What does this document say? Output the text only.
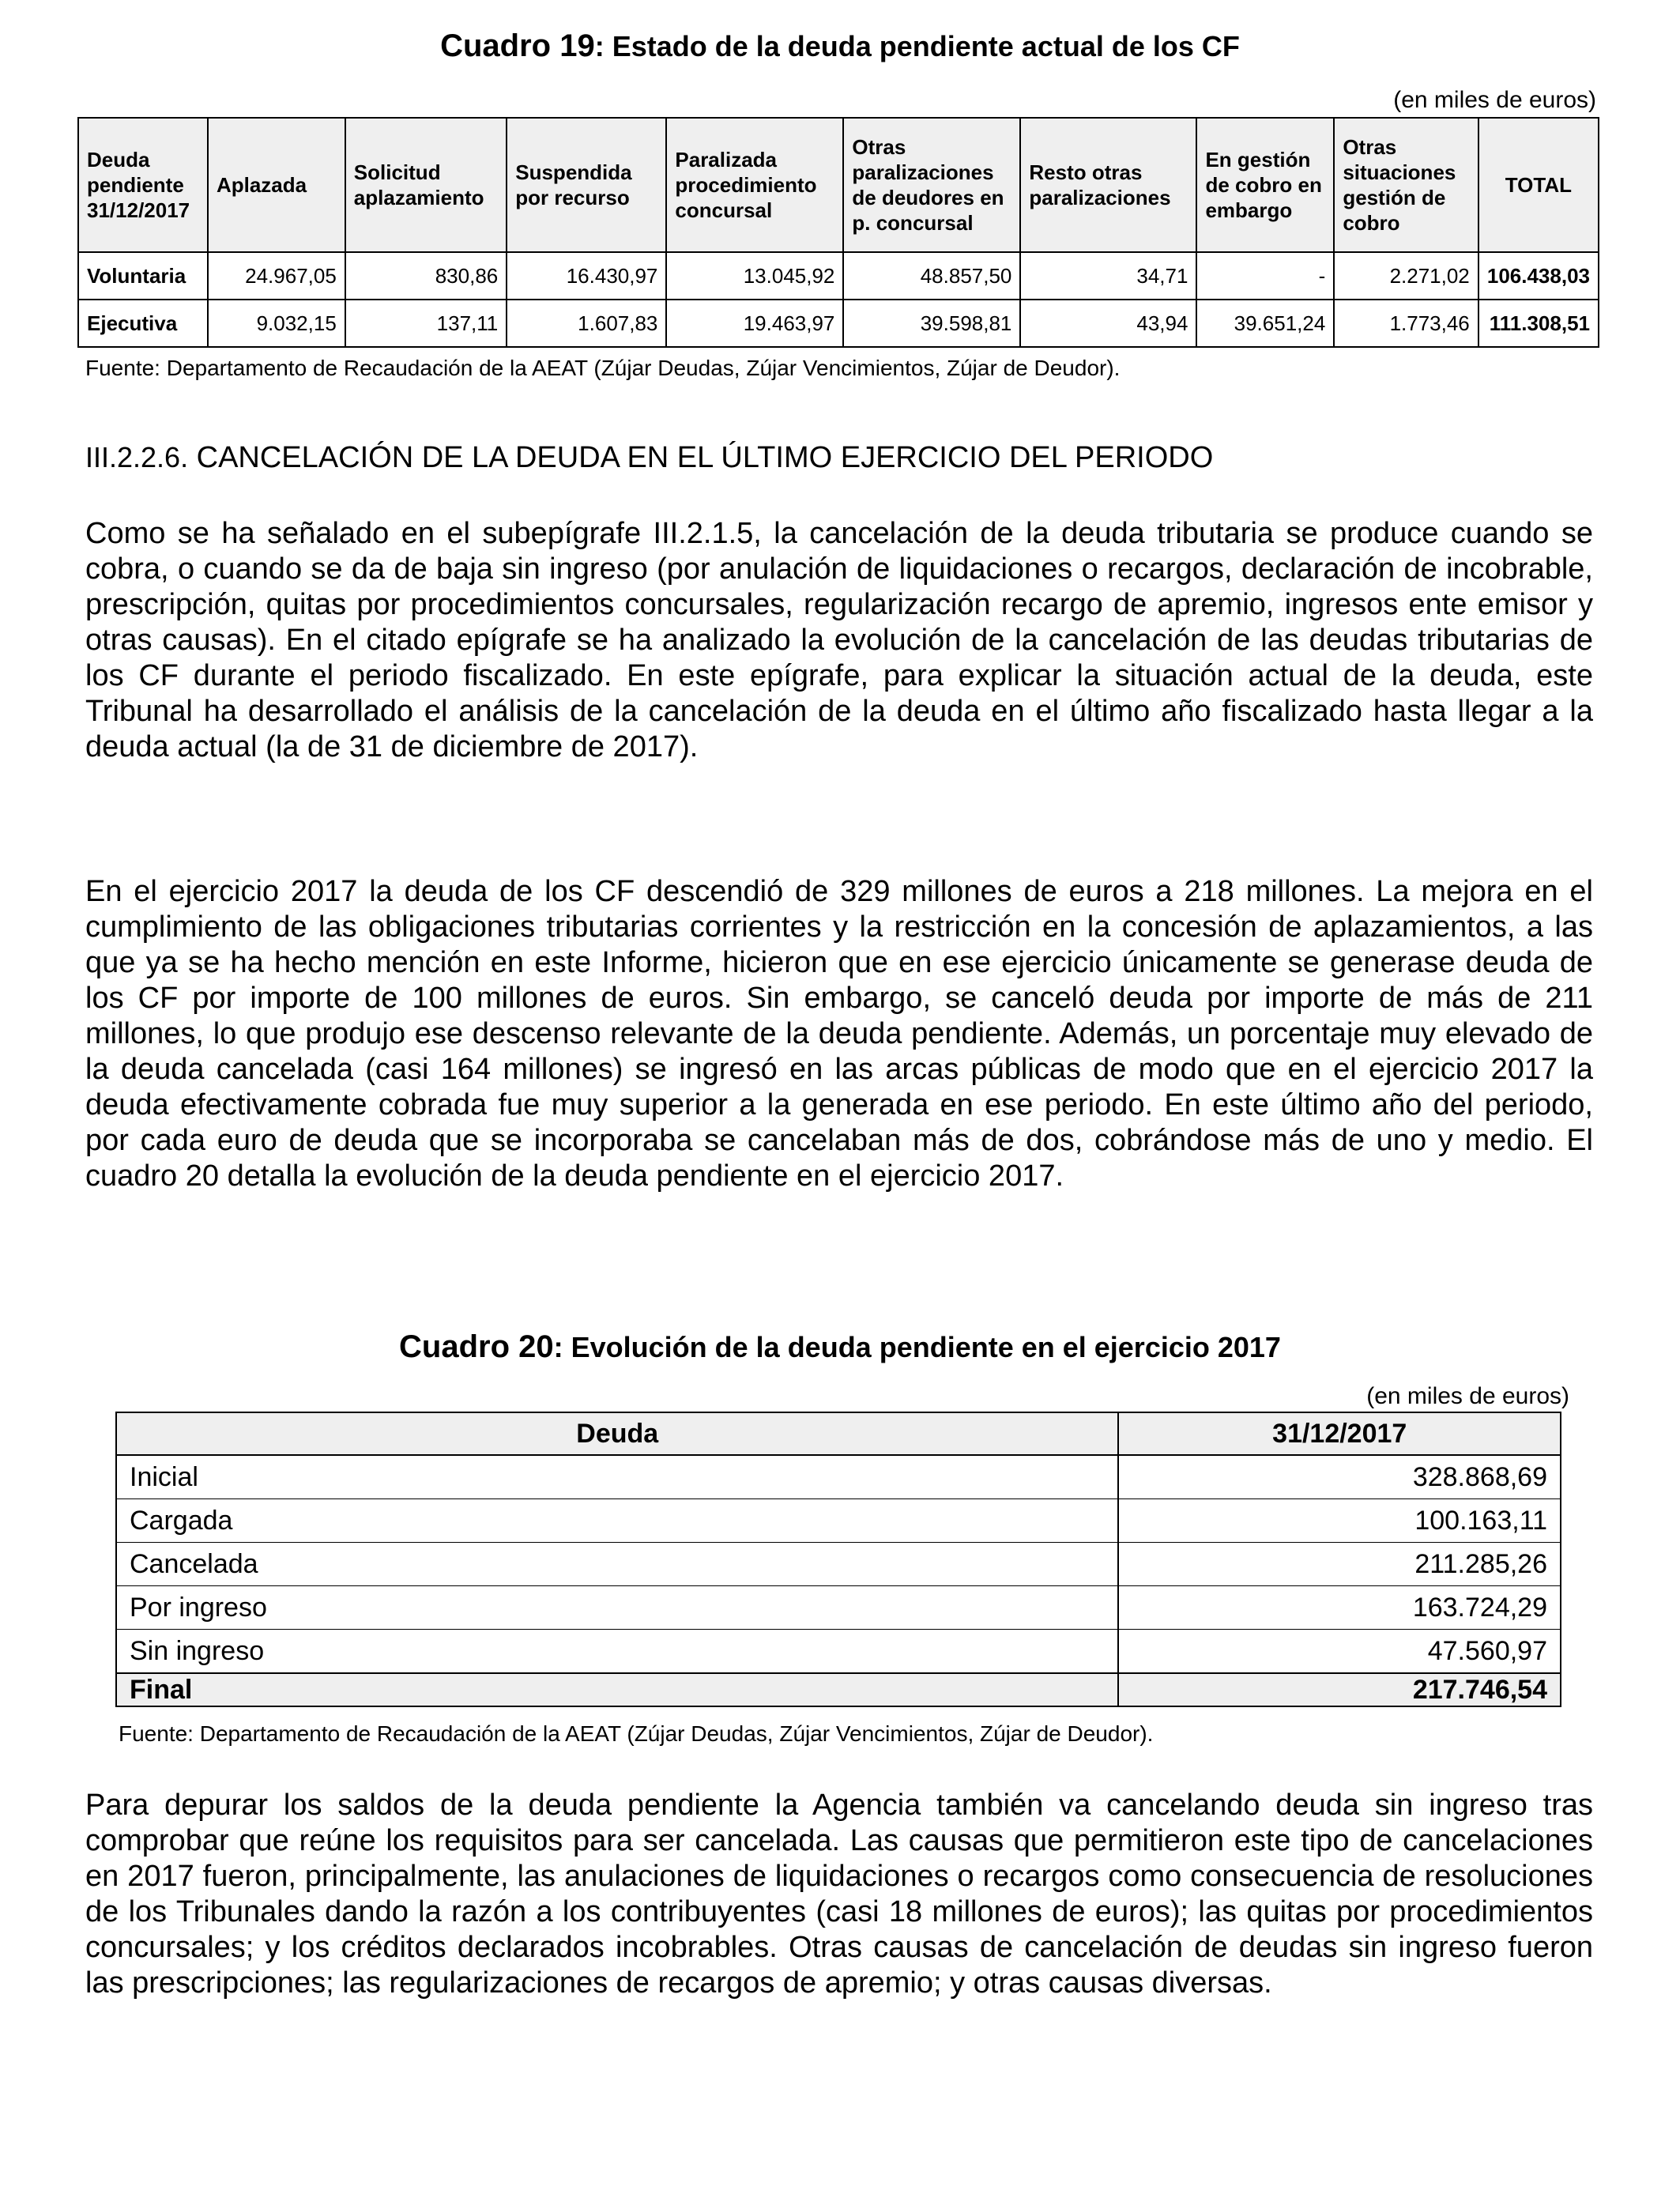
Cuadro 19: Estado de la deuda pendiente actual de los CF
(en miles de euros)
Deuda pendiente 31/12/2017	Aplazada	Solicitud aplazamiento	Suspendida por recurso	Paralizada procedimiento concursal	Otras paralizaciones de deudores en p. concursal	Resto otras paralizaciones	En gestión de cobro en embargo	Otras situaciones gestión de cobro	TOTAL
Voluntaria	24.967,05	830,86	16.430,97	13.045,92	48.857,50	34,71	-	2.271,02	106.438,03
Ejecutiva	9.032,15	137,11	1.607,83	19.463,97	39.598,81	43,94	39.651,24	1.773,46	111.308,51
Fuente: Departamento de Recaudación de la AEAT (Zújar Deudas, Zújar Vencimientos, Zújar de Deudor).
III.2.2.6. CANCELACIÓN DE LA DEUDA EN EL ÚLTIMO EJERCICIO DEL PERIODO

Como se ha señalado en el subepígrafe III.2.1.5, la cancelación de la deuda tributaria se produce cuando se cobra, o cuando se da de baja sin ingreso (por anulación de liquidaciones o recargos, declaración de incobrable, prescripción, quitas por procedimientos concursales, regularización recargo de apremio, ingresos ente emisor y otras causas). En el citado epígrafe se ha analizado la evolución de la cancelación de las deudas tributarias de los CF durante el periodo fiscalizado. En este epígrafe, para explicar la situación actual de la deuda, este Tribunal ha desarrollado el análisis de la cancelación de la deuda en el último año fiscalizado hasta llegar a la deuda actual (la de 31 de diciembre de 2017).

En el ejercicio 2017 la deuda de los CF descendió de 329 millones de euros a 218 millones. La mejora en el cumplimiento de las obligaciones tributarias corrientes y la restricción en la concesión de aplazamientos, a las que ya se ha hecho mención en este Informe, hicieron que en ese ejercicio únicamente se generase deuda de los CF por importe de 100 millones de euros. Sin embargo, se canceló deuda por importe de más de 211 millones, lo que produjo ese descenso relevante de la deuda pendiente. Además, un porcentaje muy elevado de la deuda cancelada (casi 164 millones) se ingresó en las arcas públicas de modo que en el ejercicio 2017 la deuda efectivamente cobrada fue muy superior a la generada en ese periodo. En este último año del periodo, por cada euro de deuda que se incorporaba se cancelaban más de dos, cobrándose más de uno y medio. El cuadro 20 detalla la evolución de la deuda pendiente en el ejercicio 2017.

Cuadro 20: Evolución de la deuda pendiente en el ejercicio 2017
(en miles de euros)
Deuda	31/12/2017
Inicial	328.868,69
Cargada	100.163,11
Cancelada	211.285,26
Por ingreso	163.724,29
Sin ingreso	47.560,97
Final	217.746,54
Fuente: Departamento de Recaudación de la AEAT (Zújar Deudas, Zújar Vencimientos, Zújar de Deudor).

Para depurar los saldos de la deuda pendiente la Agencia también va cancelando deuda sin ingreso tras comprobar que reúne los requisitos para ser cancelada. Las causas que permitieron este tipo de cancelaciones en 2017 fueron, principalmente, las anulaciones de liquidaciones o recargos como consecuencia de resoluciones de los Tribunales dando la razón a los contribuyentes (casi 18 millones de euros); las quitas por procedimientos concursales; y los créditos declarados incobrables. Otras causas de cancelación de deudas sin ingreso fueron las prescripciones; las regularizaciones de recargos de apremio; y otras causas diversas.
